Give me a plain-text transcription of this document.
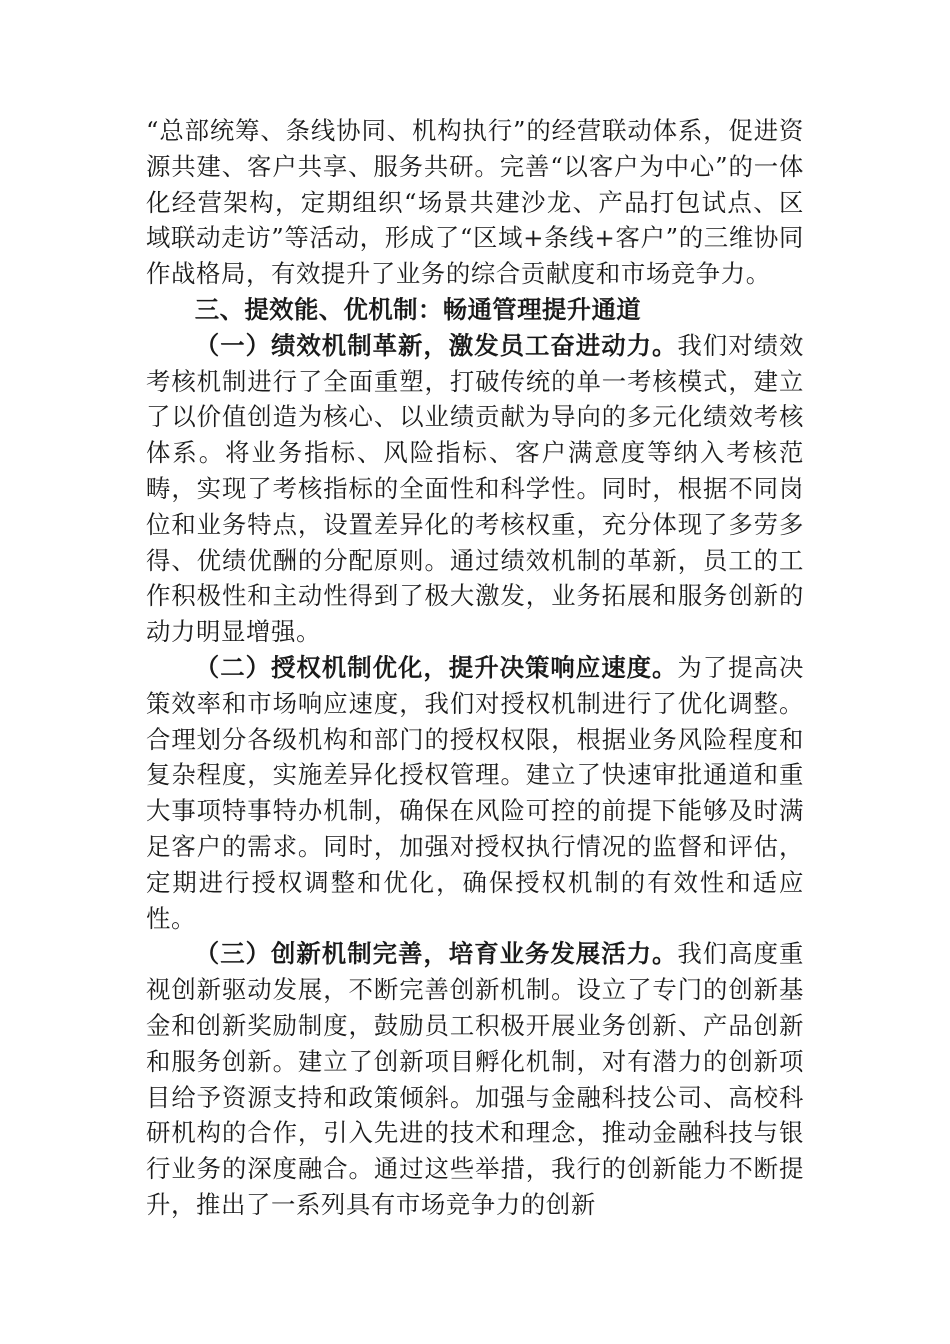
“总部统筹、条线协同、机构执行”的经营联动体系，促进资源共建、客户共享、服务共研。完善“以客户为中心”的一体化经营架构，定期组织“场景共建沙龙、产品打包试点、区域联动走访”等活动，形成了“区域+条线+客户”的三维协同作战格局，有效提升了业务的综合贡献度和市场竞争力。

三、提效能、优机制：畅通管理提升通道

（一）绩效机制革新，激发员工奋进动力。我们对绩效考核机制进行了全面重塑，打破传统的单一考核模式，建立了以价值创造为核心、以业绩贡献为导向的多元化绩效考核体系。将业务指标、风险指标、客户满意度等纳入考核范畴，实现了考核指标的全面性和科学性。同时，根据不同岗位和业务特点，设置差异化的考核权重，充分体现了多劳多得、优绩优酬的分配原则。通过绩效机制的革新，员工的工作积极性和主动性得到了极大激发，业务拓展和服务创新的动力明显增强。

（二）授权机制优化，提升决策响应速度。为了提高决策效率和市场响应速度，我们对授权机制进行了优化调整。合理划分各级机构和部门的授权权限，根据业务风险程度和复杂程度，实施差异化授权管理。建立了快速审批通道和重大事项特事特办机制，确保在风险可控的前提下能够及时满足客户的需求。同时，加强对授权执行情况的监督和评估，定期进行授权调整和优化，确保授权机制的有效性和适应性。

（三）创新机制完善，培育业务发展活力。我们高度重视创新驱动发展，不断完善创新机制。设立了专门的创新基金和创新奖励制度，鼓励员工积极开展业务创新、产品创新和服务创新。建立了创新项目孵化机制，对有潜力的创新项目给予资源支持和政策倾斜。加强与金融科技公司、高校科研机构的合作，引入先进的技术和理念，推动金融科技与银行业务的深度融合。通过这些举措，我行的创新能力不断提升，推出了一系列具有市场竞争力的创新
